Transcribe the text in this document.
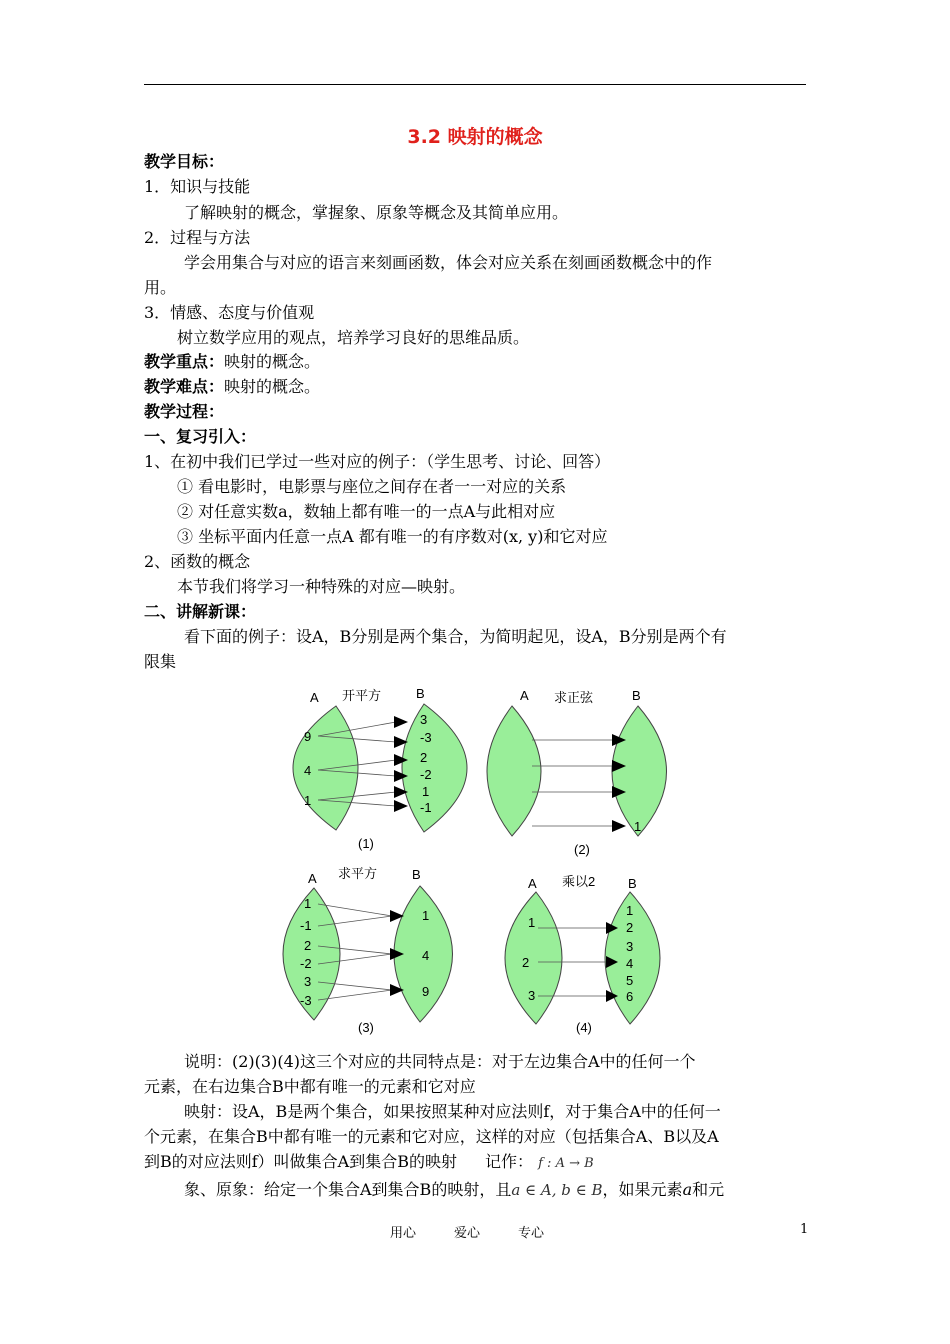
3.2 映射的概念
教学目标：
1．知识与技能
了解映射的概念，掌握象、原象等概念及其简单应用。
2．过程与方法
学会用集合与对应的语言来刻画函数，体会对应关系在刻画函数概念中的作
用。
3．情感、态度与价值观
树立数学应用的观点，培养学习良好的思维品质。
教学重点：映射的概念。
教学难点：映射的概念。
教学过程：
一、复习引入：
1、在初中我们已学过一些对应的例子：（学生思考、讨论、回答）
① 看电影时，电影票与座位之间存在者一一对应的关系
② 对任意实数a，数轴上都有唯一的一点A与此相对应
③ 坐标平面内任意一点A 都有唯一的有序数对(x, y)和它对应
2、函数的概念
本节我们将学习一种特殊的对应—映射。
二、讲解新课：
看下面的例子：设A，B分别是两个集合，为简明起见，设A，B分别是两个有
限集
A 开平方	B
9
4
1
3
-3
2
-2
1
-1
(1)
A 求正弦	B
1
(2)
A 求平方	B
1
-1
2
-2
3
-3
1
4
9
(3)
A 乘以2	B
1
2
3
1
2
3
4
5
6
(4)
说明：(2)(3)(4)这三个对应的共同特点是：对于左边集合A中的任何一个
元素，在右边集合B中都有唯一的元素和它对应
映射：设A，B是两个集合，如果按照某种对应法则f，对于集合A中的任何一
个元素，在集合B中都有唯一的元素和它对应，这样的对应（包括集合A、B以及A
到B的对应法则f）叫做集合A到集合B的映射 记作： f : A → B
象、原象：给定一个集合A到集合B的映射，且a ∈ A, b ∈ B，如果元素a和元
用心	爱心	专心	1
